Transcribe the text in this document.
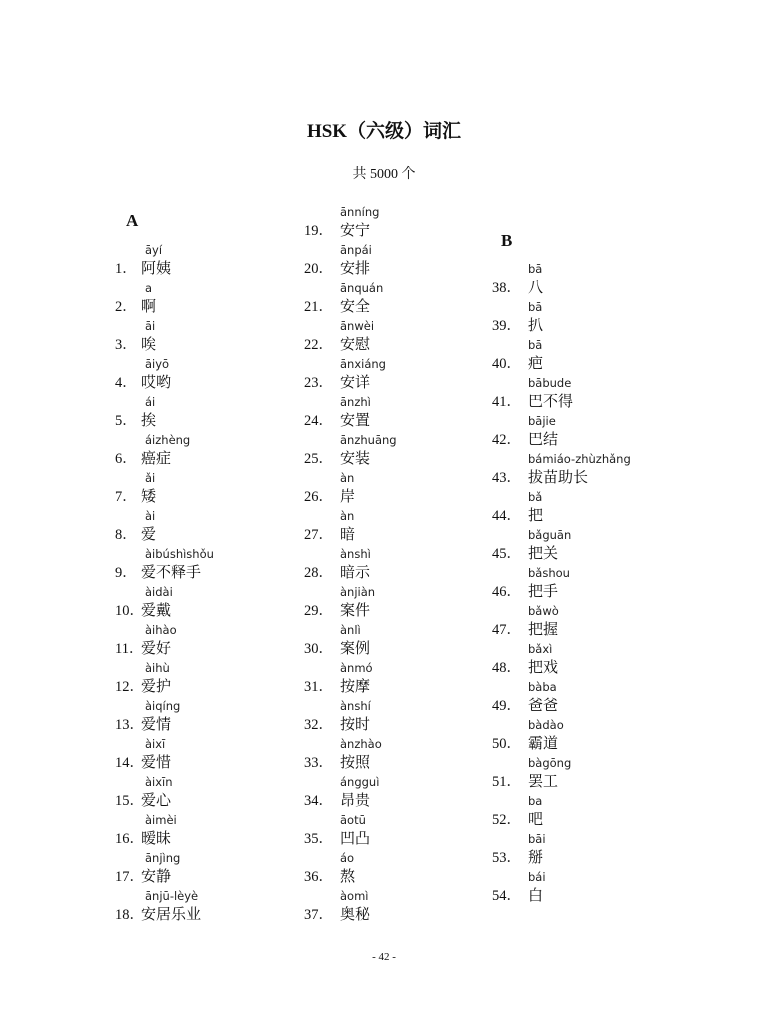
HSK（六级）词汇
共 5000 个
A
B
āyí
1． 阿姨
a
2． 啊
āi
3． 唉
āiyō
4． 哎哟
ái
5． 挨
áizhèng
6． 癌症
ǎi
7． 矮
ài
8． 爱
àibúshìshǒu
9． 爱不释手
àidài
10．
爱戴
àihào
11．
爱好
àihù
12．
爱护
àiqíng
13．
爱情
àixī
14．
爱惜
àixīn
15．
爱心
àimèi
16．
暧昧
ānjìng
17．
安静
ānjū-lèyè
18．
安居乐业
ānníng
19． 安宁
ānpái
20． 安排
ānquán
21． 安全
ānwèi
22． 安慰
ānxiáng
23． 安详
ānzhì
24． 安置
ānzhuāng
25． 安装
àn
26． 岸
àn
27． 暗
ànshì
28． 暗示
ànjiàn
29． 案件
ànlì
30． 案例
ànmó
31． 按摩
ànshí
32． 按时
ànzhào
33． 按照
ángguì
34． 昂贵
āotū
35． 凹凸
áo
36． 熬
àomì
37． 奥秘
bā
38． 八
bā
39． 扒
bā
40． 疤
bābude
41． 巴不得
bājie
42． 巴结
bámiáo-zhùzhǎng
43． 拔苗助长
bǎ
44． 把
bǎguān
45． 把关
bǎshou
46． 把手
bǎwò
47． 把握
bǎxì
48． 把戏
bàba
49． 爸爸
bàdào
50． 霸道
bàgōng
51． 罢工
ba
52． 吧
bāi
53． 掰
bái
54． 白
- 42 -
